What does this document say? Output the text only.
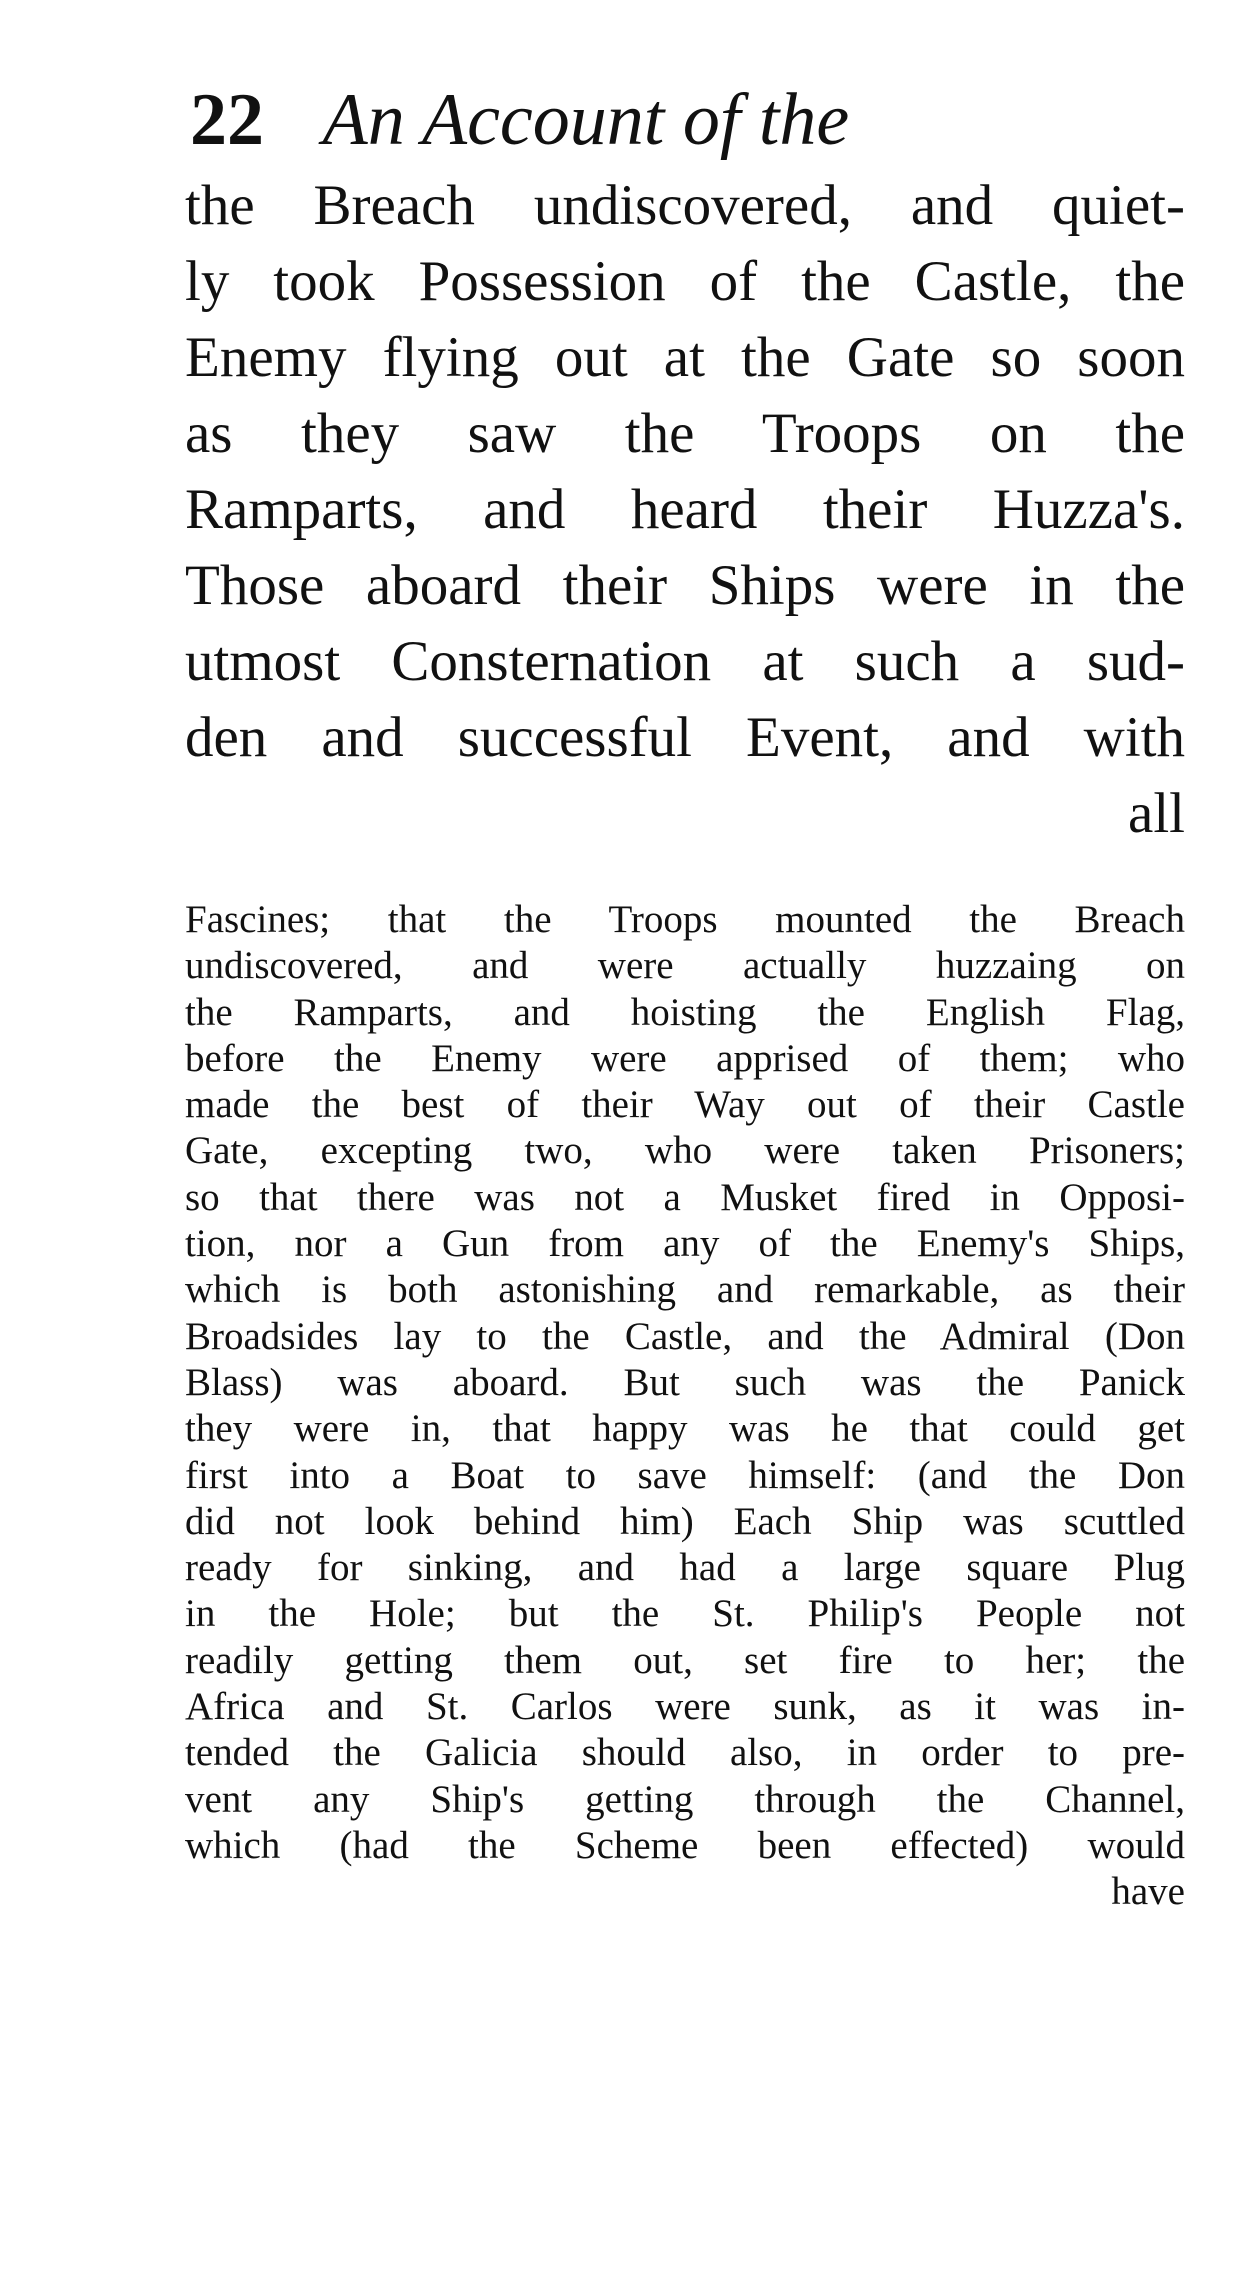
22 An Account of the
the Breach undiscovered, and quiet-
ly took Possession of the Castle, the
Enemy flying out at the Gate so soon
as they saw the Troops on the
Ramparts, and heard their Huzza's.
Those aboard their Ships were in the
utmost Consternation at such a sud-
den and successful Event, and with
all
Fascines; that the Troops mounted the Breach
undiscovered, and were actually huzzaing on
the Ramparts, and hoisting the English Flag,
before the Enemy were apprised of them; who
made the best of their Way out of their Castle
Gate, excepting two, who were taken Prisoners;
so that there was not a Musket fired in Opposi-
tion, nor a Gun from any of the Enemy's Ships,
which is both astonishing and remarkable, as their
Broadsides lay to the Castle, and the Admiral (Don
Blass) was aboard. But such was the Panick
they were in, that happy was he that could get
first into a Boat to save himself: (and the Don
did not look behind him) Each Ship was scuttled
ready for sinking, and had a large square Plug
in the Hole; but the St. Philip's People not
readily getting them out, set fire to her; the
Africa and St. Carlos were sunk, as it was in-
tended the Galicia should also, in order to pre-
vent any Ship's getting through the Channel,
which (had the Scheme been effected) would
have
